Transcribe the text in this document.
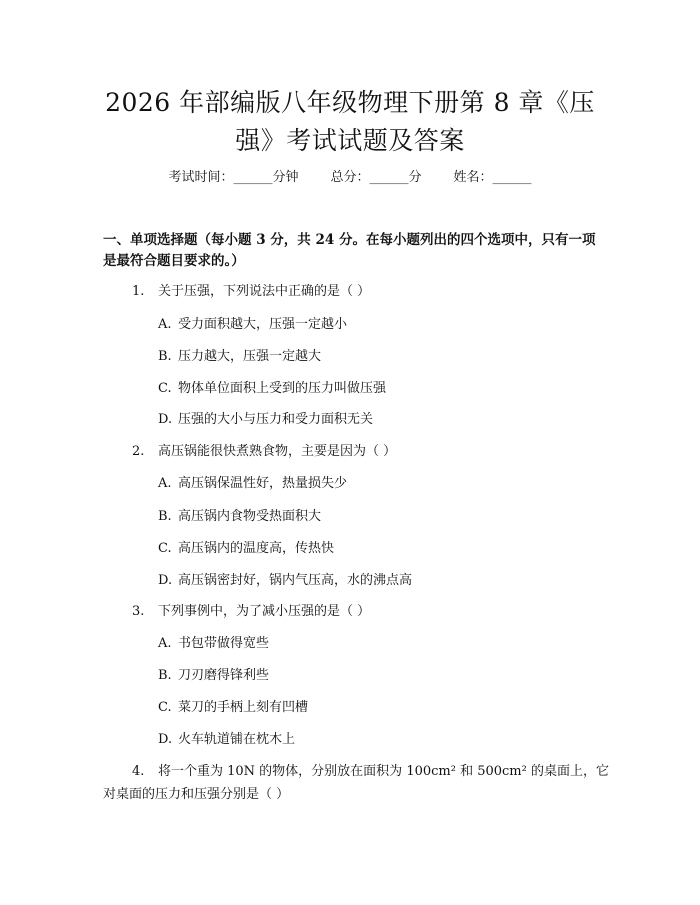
2026 年部编版八年级物理下册第 8 章《压
强》考试试题及答案
考试时间：______分钟 总分：______分 姓名：______
一、单项选择题（每小题 3 分，共 24 分。在每小题列出的四个选项中，只有一项
是最符合题目要求的。）
1. 关于压强，下列说法中正确的是（ ）
A. 受力面积越大，压强一定越小
B. 压力越大，压强一定越大
C. 物体单位面积上受到的压力叫做压强
D. 压强的大小与压力和受力面积无关
2. 高压锅能很快煮熟食物，主要是因为（ ）
A. 高压锅保温性好，热量损失少
B. 高压锅内食物受热面积大
C. 高压锅内的温度高，传热快
D. 高压锅密封好，锅内气压高，水的沸点高
3. 下列事例中，为了减小压强的是（ ）
A. 书包带做得宽些
B. 刀刃磨得锋利些
C. 菜刀的手柄上刻有凹槽
D. 火车轨道铺在枕木上
4. 将一个重为 10N 的物体，分别放在面积为 100cm² 和 500cm² 的桌面上，它
对桌面的压力和压强分别是（ ）
